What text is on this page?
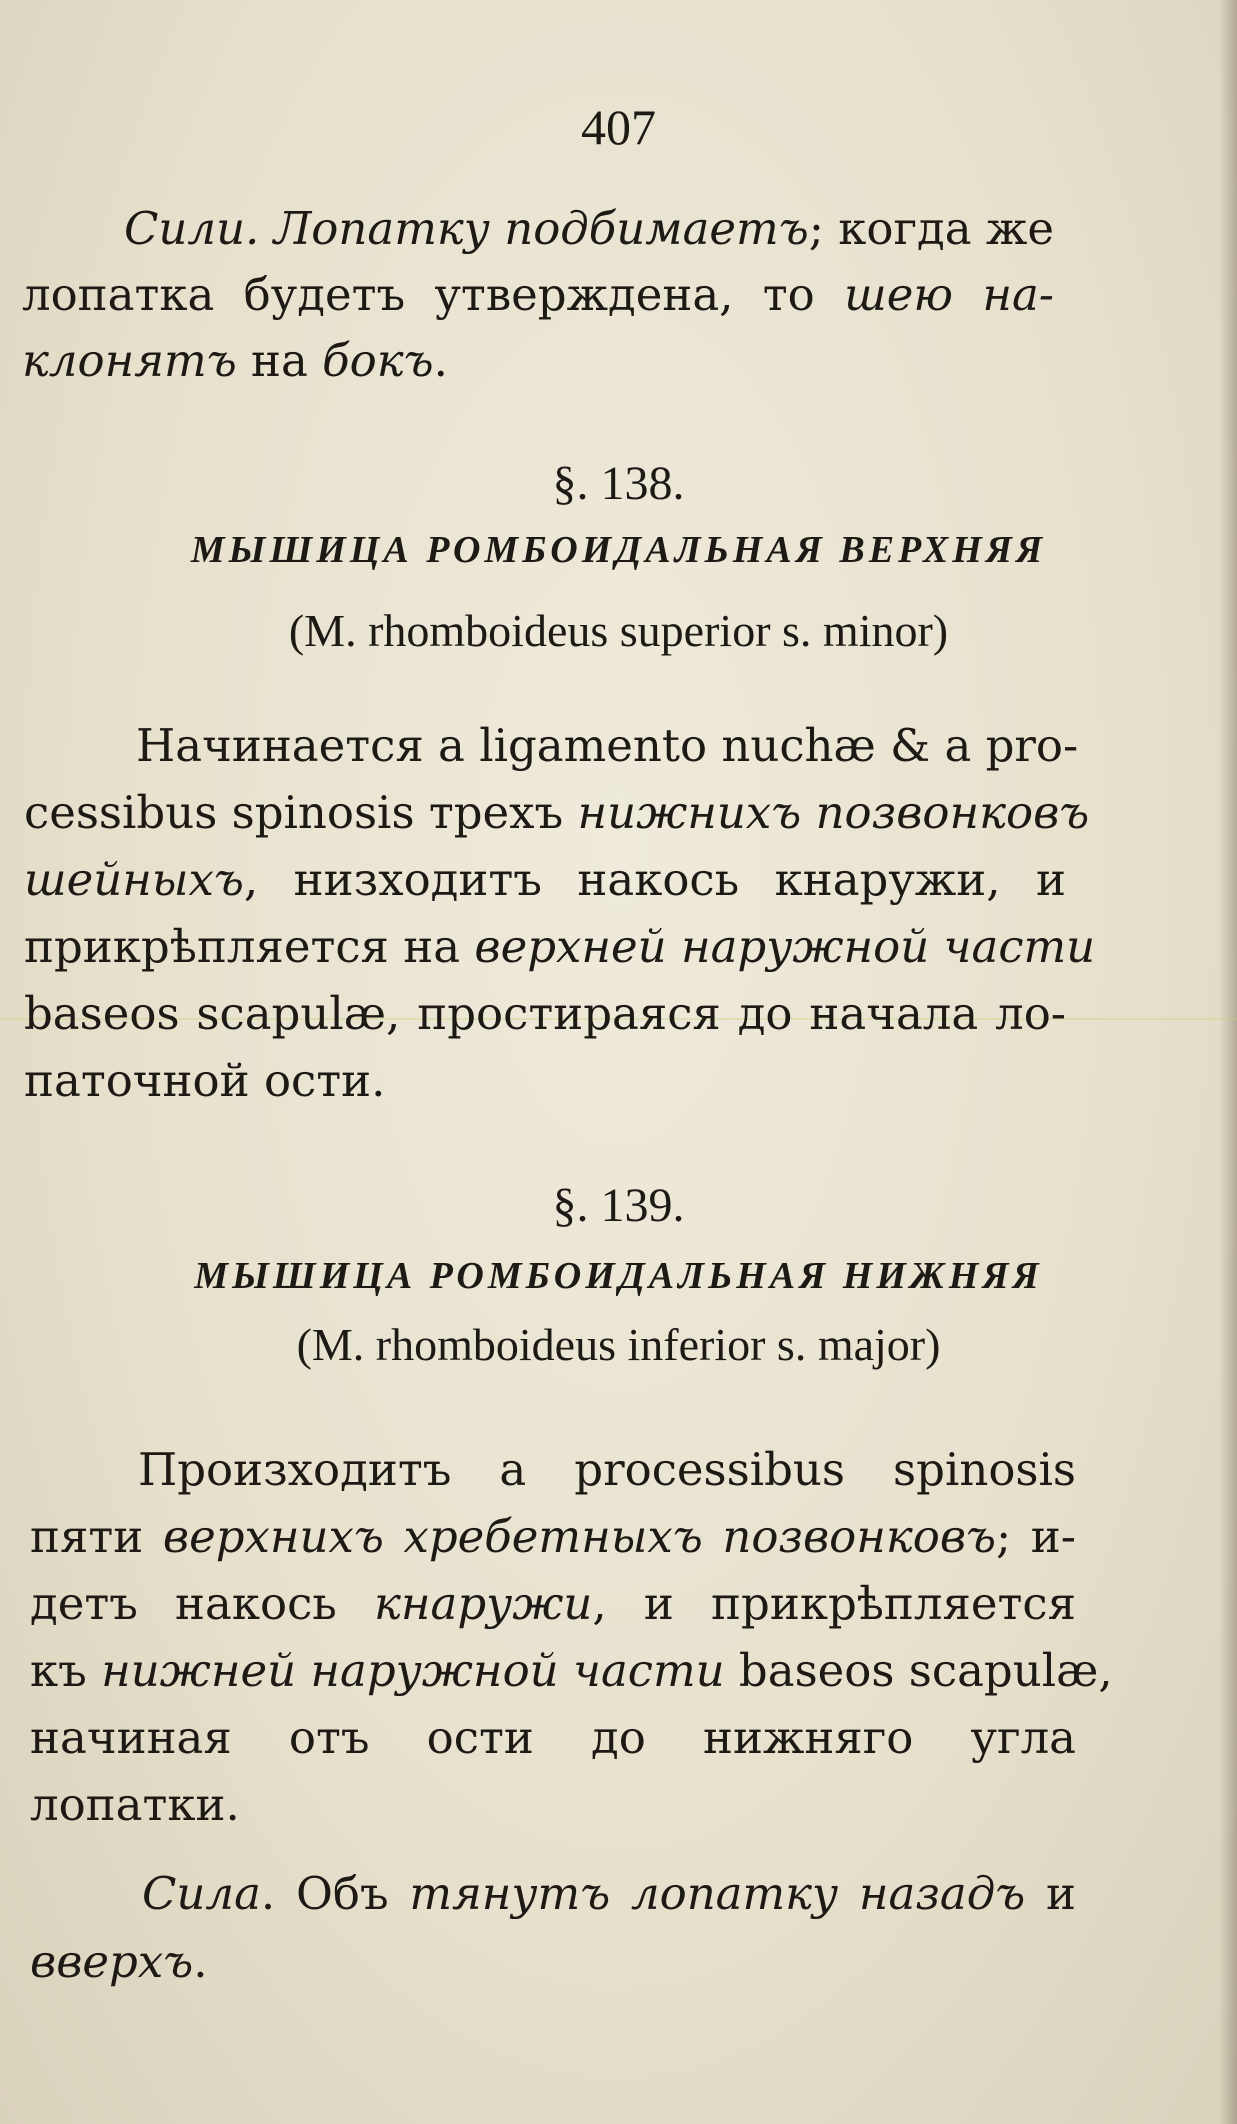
407
Сили. Лопатку подбимаетъ; когда же
лопатка будетъ утверждена, то шею на-
клонятъ на бокъ.
§. 138.
МЫШИЦА РОМБОИДАЛЬНАЯ ВЕРХНЯЯ
(M. rhomboideus superior s. minor)
Начинается a ligamento nuchæ & a pro-
cessibus spinosis трехъ нижнихъ позвонковъ
шейныхъ, низходитъ накось кнаружи, и
прикрѣпляется на верхней наружной части
baseos scapulæ, простираяся до начала ло-
паточной ости.
§. 139.
МЫШИЦА РОМБОИДАЛЬНАЯ НИЖНЯЯ
(M. rhomboideus inferior s. major)
Произходитъ a processibus spinosis
пяти верхнихъ хребетныхъ позвонковъ; и-
детъ накось кнаружи, и прикрѣпляется
къ нижней наружной части baseos scapulæ,
начиная отъ ости до нижняго угла
лопатки.
Сила. Объ тянутъ лопатку назадъ и
вверхъ.
